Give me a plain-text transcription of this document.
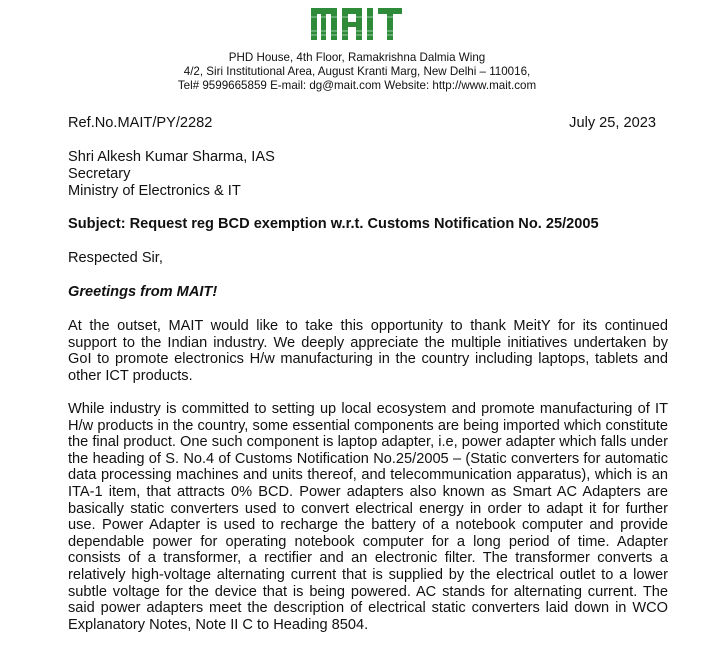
PHD House, 4th Floor, Ramakrishna Dalmia Wing
4/2, Siri Institutional Area, August Kranti Marg, New Delhi – 110016,
Tel# 9599665859 E-mail: dg@mait.com Website: http://www.mait.com
Ref.No.MAIT/PY/2282	July 25, 2023
Shri Alkesh Kumar Sharma, IAS
Secretary
Ministry of Electronics & IT
Subject: Request reg BCD exemption w.r.t. Customs Notification No. 25/2005
Respected Sir,
Greetings from MAIT!
At the outset, MAIT would like to take this opportunity to thank MeitY for its continued support to the Indian industry. We deeply appreciate the multiple initiatives undertaken by GoI to promote electronics H/w manufacturing in the country including laptops, tablets and other ICT products.
While industry is committed to setting up local ecosystem and promote manufacturing of IT H/w products in the country, some essential components are being imported which constitute the final product. One such component is laptop adapter, i.e, power adapter which falls under the heading of S. No.4 of Customs Notification No.25/2005 – (Static converters for automatic data processing machines and units thereof, and telecommunication apparatus), which is an ITA-1 item, that attracts 0% BCD. Power adapters also known as Smart AC Adapters are basically static converters used to convert electrical energy in order to adapt it for further use. Power Adapter is used to recharge the battery of a notebook computer and provide dependable power for operating notebook computer for a long period of time. Adapter consists of a transformer, a rectifier and an electronic filter. The transformer converts a relatively high-voltage alternating current that is supplied by the electrical outlet to a lower subtle voltage for the device that is being powered. AC stands for alternating current. The said power adapters meet the description of electrical static converters laid down in WCO Explanatory Notes, Note II C to Heading 8504.
